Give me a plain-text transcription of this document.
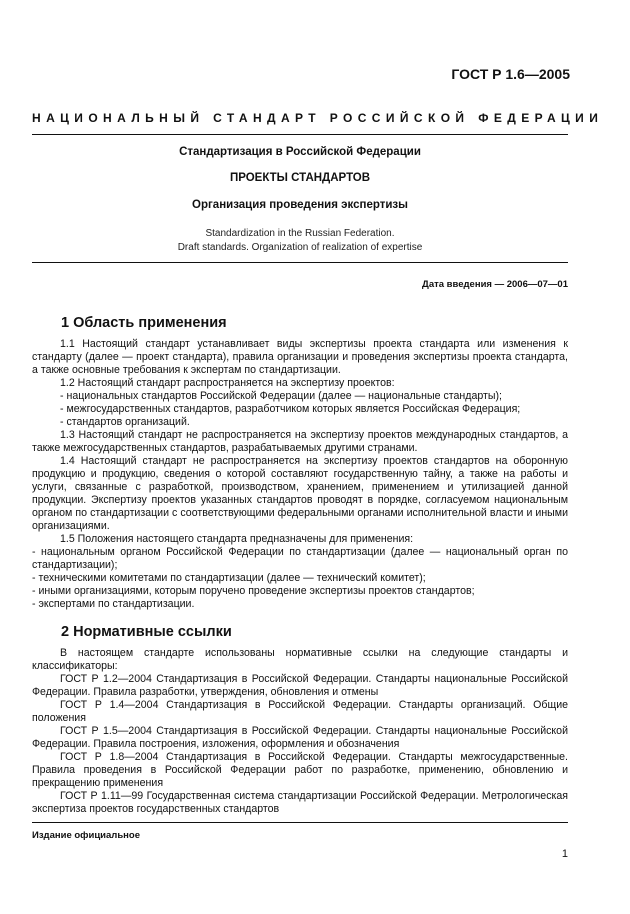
ГОСТ Р 1.6—2005
НАЦИОНАЛЬНЫЙ СТАНДАРТ РОССИЙСКОЙ ФЕДЕРАЦИИ
Стандартизация в Российской Федерации
ПРОЕКТЫ СТАНДАРТОВ
Организация проведения экспертизы
Standardization in the Russian Federation.
Draft standards. Organization of realization of expertise
Дата введения — 2006—07—01
1 Область применения

1.1 Настоящий стандарт устанавливает виды экспертизы проекта стандарта или изменения к стандарту (далее — проект стандарта), правила организации и проведения экспертизы проекта стандарта, а также основные требования к экспертам по стандартизации.

1.2 Настоящий стандарт распространяется на экспертизу проектов:

- национальных стандартов Российской Федерации (далее — национальные стандарты);

- межгосударственных стандартов, разработчиком которых является Российская Федерация;

- стандартов организаций.

1.3 Настоящий стандарт не распространяется на экспертизу проектов международных стандартов, а также межгосударственных стандартов, разрабатываемых другими странами.

1.4 Настоящий стандарт не распространяется на экспертизу проектов стандартов на оборонную продукцию и продукцию, сведения о которой составляют государственную тайну, а также на работы и услуги, связанные с разработкой, производством, хранением, применением и утилизацией данной продукции. Экспертизу проектов указанных стандартов проводят в порядке, согласуемом национальным органом по стандартизации с соответствующими федеральными органами исполнительной власти и иными организациями.

1.5 Положения настоящего стандарта предназначены для применения:

- национальным органом Российской Федерации по стандартизации (далее — национальный орган по стандартизации);

- техническими комитетами по стандартизации (далее — технический комитет);

- иными организациями, которым поручено проведение экспертизы проектов стандартов;

- экспертами по стандартизации.

2 Нормативные ссылки

В настоящем стандарте использованы нормативные ссылки на следующие стандарты и классификаторы:

ГОСТ Р 1.2—2004 Стандартизация в Российской Федерации. Стандарты национальные Российской Федерации. Правила разработки, утверждения, обновления и отмены

ГОСТ Р 1.4—2004 Стандартизация в Российской Федерации. Стандарты организаций. Общие положения

ГОСТ Р 1.5—2004 Стандартизация в Российской Федерации. Стандарты национальные Российской Федерации. Правила построения, изложения, оформления и обозначения

ГОСТ Р 1.8—2004 Стандартизация в Российской Федерации. Стандарты межгосударственные. Правила проведения в Российской Федерации работ по разработке, применению, обновлению и прекращению применения

ГОСТ Р 1.11—99 Государственная система стандартизации Российской Федерации. Метрологическая экспертиза проектов государственных стандартов

Издание официальное
1
